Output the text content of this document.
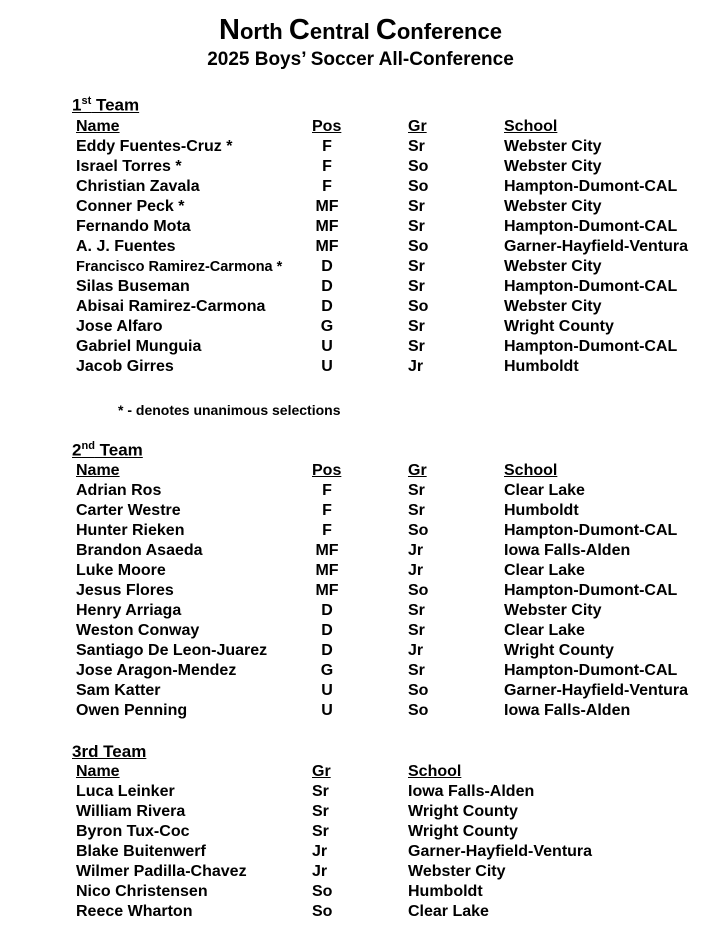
North Central Conference
2025 Boys’ Soccer All-Conference
1st Team
Name	Pos	Gr	School
Eddy Fuentes-Cruz *	F	Sr	Webster City
Israel Torres *	F	So	Webster City
Christian Zavala	F	So	Hampton-Dumont-CAL
Conner Peck *	MF	Sr	Webster City
Fernando Mota	MF	Sr	Hampton-Dumont-CAL
A. J. Fuentes	MF	So	Garner-Hayfield-Ventura
Francisco Ramirez-Carmona *	D	Sr	Webster City
Silas Buseman	D	Sr	Hampton-Dumont-CAL
Abisai Ramirez-Carmona	D	So	Webster City
Jose Alfaro	G	Sr	Wright County
Gabriel Munguia	U	Sr	Hampton-Dumont-CAL
Jacob Girres	U	Jr	Humboldt
* - denotes unanimous selections
2nd Team
Name	Pos	Gr	School
Adrian Ros	F	Sr	Clear Lake
Carter Westre	F	Sr	Humboldt
Hunter Rieken	F	So	Hampton-Dumont-CAL
Brandon Asaeda	MF	Jr	Iowa Falls-Alden
Luke Moore	MF	Jr	Clear Lake
Jesus Flores	MF	So	Hampton-Dumont-CAL
Henry Arriaga	D	Sr	Webster City
Weston Conway	D	Sr	Clear Lake
Santiago De Leon-Juarez	D	Jr	Wright County
Jose Aragon-Mendez	G	Sr	Hampton-Dumont-CAL
Sam Katter	U	So	Garner-Hayfield-Ventura
Owen Penning	U	So	Iowa Falls-Alden
3rd Team
Name	Gr	School
Luca Leinker	Sr	Iowa Falls-Alden
William Rivera	Sr	Wright County
Byron Tux-Coc	Sr	Wright County
Blake Buitenwerf	Jr	Garner-Hayfield-Ventura
Wilmer Padilla-Chavez	Jr	Webster City
Nico Christensen	So	Humboldt
Reece Wharton	So	Clear Lake
